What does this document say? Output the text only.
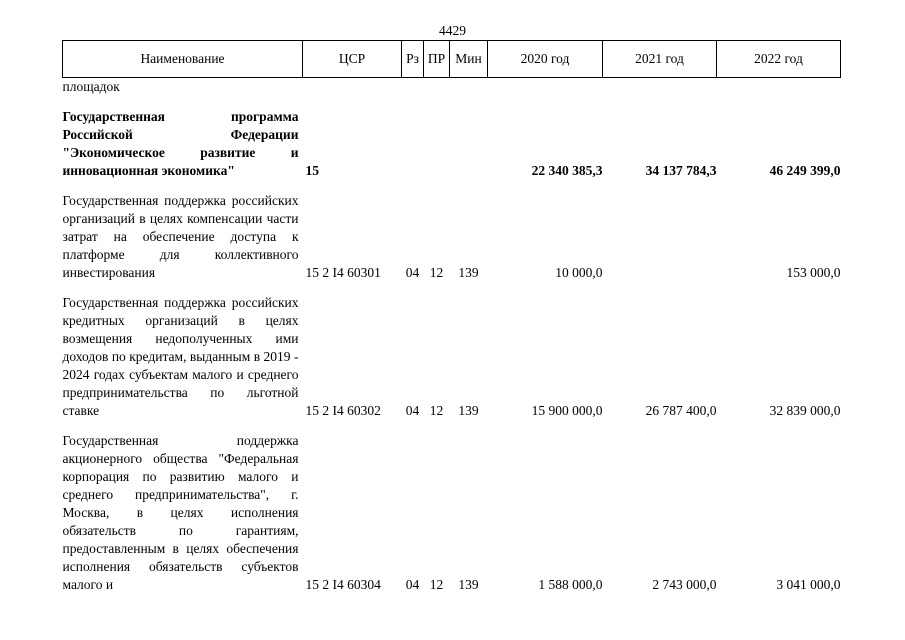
4429
Наименование	ЦСР	Рз	ПР	Мин	2020 год	2021 год	2022 год
площадок							

Государственная программа Российской Федерации "Экономическое развитие и инновационная экономика"	15				22 340 385,3	34 137 784,3	46 249 399,0

Государственная поддержка российских организаций в целях компенсации части затрат на обеспечение доступа к платформе для коллективного инвестирования	15 2 I4 60301	04	12	139	10 000,0		153 000,0

Государственная поддержка российских кредитных организаций в целях возмещения недополученных ими доходов по кредитам, выданным в 2019 - 2024 годах субъектам малого и среднего предпринимательства по льготной ставке	15 2 I4 60302	04	12	139	15 900 000,0	26 787 400,0	32 839 000,0

Государственная поддержка акционерного общества "Федеральная корпорация по развитию малого и среднего предпринимательства", г. Москва, в целях исполнения обязательств по гарантиям, предоставленным в целях обеспечения исполнения обязательств субъектов малого и	15 2 I4 60304	04	12	139	1 588 000,0	2 743 000,0	3 041 000,0
